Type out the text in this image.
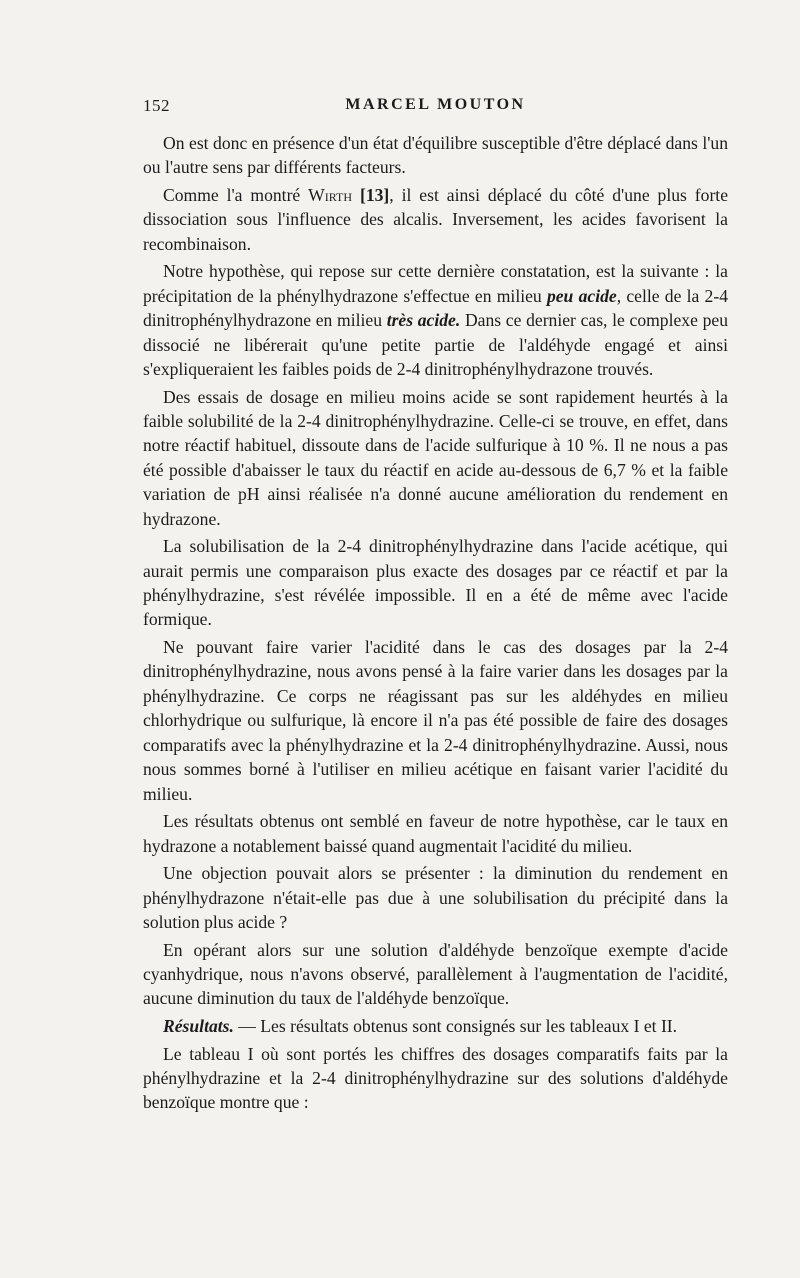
152	MARCEL MOUTON

On est donc en présence d'un état d'équilibre susceptible d'être déplacé dans l'un ou l'autre sens par différents facteurs.

Comme l'a montré Wirth [13], il est ainsi déplacé du côté d'une plus forte dissociation sous l'influence des alcalis. Inversement, les acides favorisent la recombinaison.

Notre hypothèse, qui repose sur cette dernière constatation, est la suivante : la précipitation de la phénylhydrazone s'effectue en milieu peu acide, celle de la 2-4 dinitrophénylhydrazone en milieu très acide. Dans ce dernier cas, le complexe peu dissocié ne libérerait qu'une petite partie de l'aldéhyde engagé et ainsi s'expliqueraient les faibles poids de 2-4 dinitrophénylhydrazone trouvés.

Des essais de dosage en milieu moins acide se sont rapidement heurtés à la faible solubilité de la 2-4 dinitrophénylhydrazine. Celle-ci se trouve, en effet, dans notre réactif habituel, dissoute dans de l'acide sulfurique à 10 %. Il ne nous a pas été possible d'abaisser le taux du réactif en acide au-dessous de 6,7 % et la faible variation de pH ainsi réalisée n'a donné aucune amélioration du rendement en hydrazone.

La solubilisation de la 2-4 dinitrophénylhydrazine dans l'acide acétique, qui aurait permis une comparaison plus exacte des dosages par ce réactif et par la phénylhydrazine, s'est révélée impossible. Il en a été de même avec l'acide formique.

Ne pouvant faire varier l'acidité dans le cas des dosages par la 2-4 dinitrophénylhydrazine, nous avons pensé à la faire varier dans les dosages par la phénylhydrazine. Ce corps ne réagissant pas sur les aldéhydes en milieu chlorhydrique ou sulfurique, là encore il n'a pas été possible de faire des dosages comparatifs avec la phénylhydrazine et la 2-4 dinitrophénylhydrazine. Aussi, nous nous sommes borné à l'utiliser en milieu acétique en faisant varier l'acidité du milieu.

Les résultats obtenus ont semblé en faveur de notre hypothèse, car le taux en hydrazone a notablement baissé quand augmentait l'acidité du milieu.

Une objection pouvait alors se présenter : la diminution du rendement en phénylhydrazone n'était-elle pas due à une solubilisation du précipité dans la solution plus acide ?

En opérant alors sur une solution d'aldéhyde benzoïque exempte d'acide cyanhydrique, nous n'avons observé, parallèlement à l'augmentation de l'acidité, aucune diminution du taux de l'aldéhyde benzoïque.

Résultats. — Les résultats obtenus sont consignés sur les tableaux I et II.

Le tableau I où sont portés les chiffres des dosages comparatifs faits par la phénylhydrazine et la 2-4 dinitrophénylhydrazine sur des solutions d'aldéhyde benzoïque montre que :
